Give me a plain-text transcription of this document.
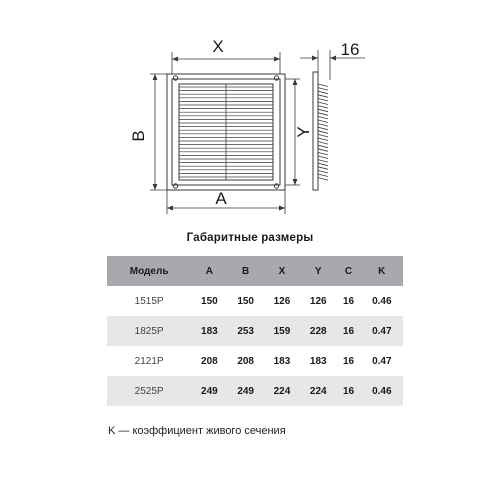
X
B
A
Y
16
Габаритные размеры
Модель	A	B	X	Y	C	K
1515P	150	150	126	126	16	0.46
1825P	183	253	159	228	16	0.47
2121P	208	208	183	183	16	0.47
2525P	249	249	224	224	16	0.46
K — коэффициент живого сечения
